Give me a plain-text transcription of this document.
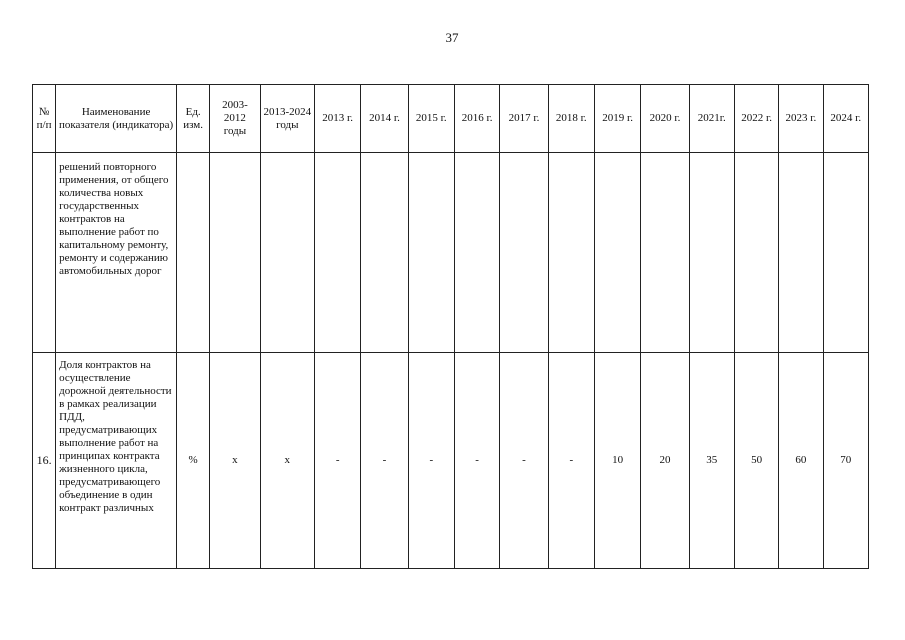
37
№ п/п	Наименование показателя (индикатора)	Ед. изм.	2003-2012 годы	2013-2024 годы	2013 г.	2014 г.	2015 г.	2016 г.	2017 г.	2018 г.	2019 г.	2020 г.	2021г.	2022 г.	2023 г.	2024 г.
	решений повторного применения, от общего количества новых государственных контрактов на выполнение работ по капитальному ремонту, ремонту и содержанию автомобильных дорог															
16.	Доля контрактов на осуществление дорожной деятельности в рамках реализации ПДД, предусматривающих выполнение работ на принципах контракта жизненного цикла, предусматривающего объединение в один контракт различных	%	х	х	-	-	-	-	-	-	10	20	35	50	60	70
